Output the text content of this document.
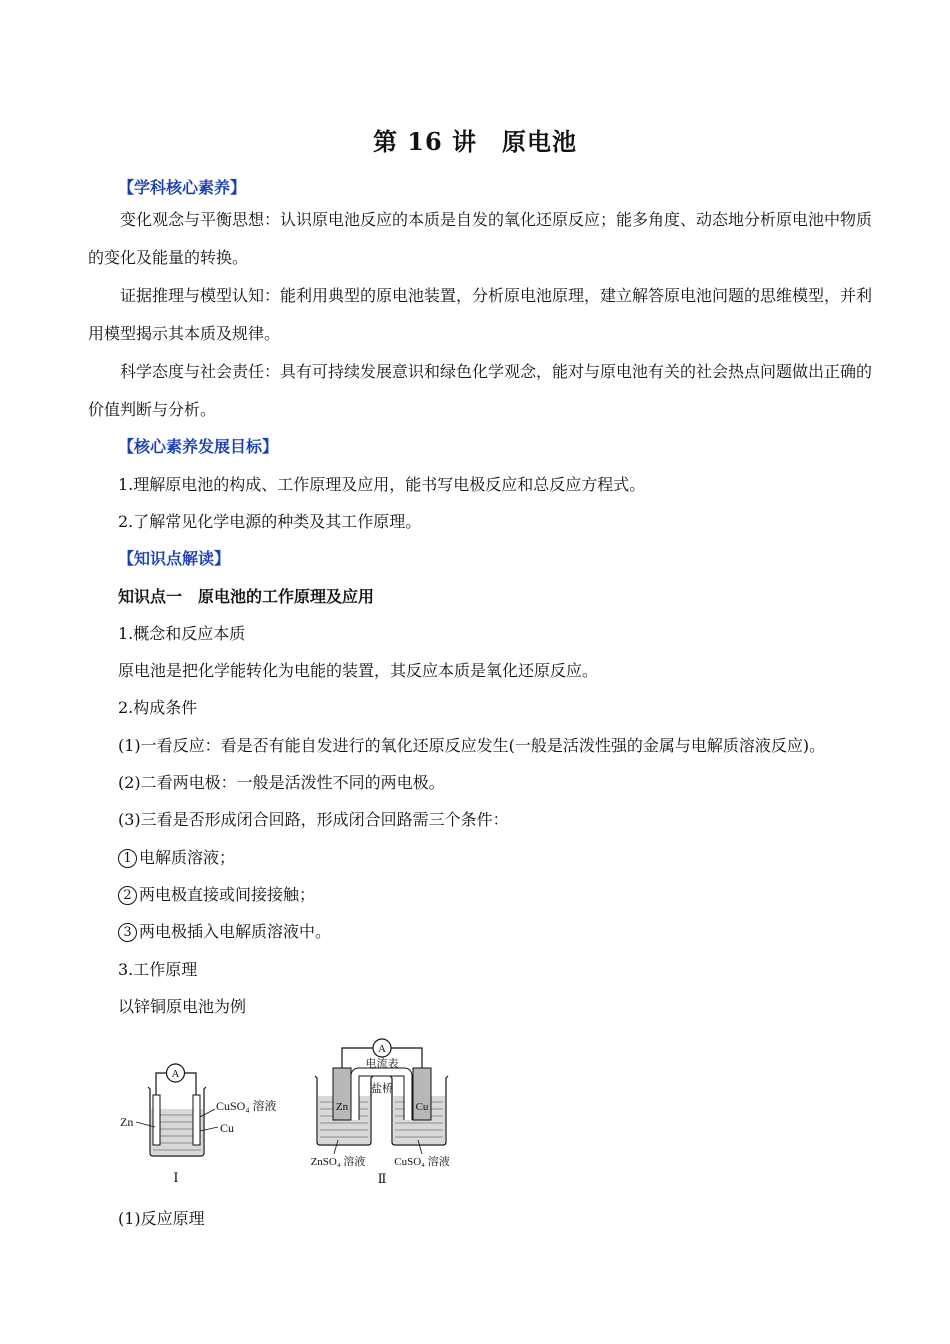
第 16 讲　原电池
【学科核心素养】

变化观念与平衡思想：认识原电池反应的本质是自发的氧化还原反应；能多角度、动态地分析原电池中物质的变化及能量的转换。

证据推理与模型认知：能利用典型的原电池装置，分析原电池原理，建立解答原电池问题的思维模型，并利用模型揭示其本质及规律。

科学态度与社会责任：具有可持续发展意识和绿色化学观念，能对与原电池有关的社会热点问题做出正确的价值判断与分析。

【核心素养发展目标】
1.理解原电池的构成、工作原理及应用，能书写电极反应和总反应方程式。
2.了解常见化学电源的种类及其工作原理。
【知识点解读】
知识点一　原电池的工作原理及应用
1.概念和反应本质
原电池是把化学能转化为电能的装置，其反应本质是氧化还原反应。
2.构成条件
(1)一看反应：看是否有能自发进行的氧化还原反应发生(一般是活泼性强的金属与电解质溶液反应)。
(2)二看两电极：一般是活泼性不同的两电极。
(3)三看是否形成闭合回路，形成闭合回路需三个条件：
1 电解质溶液；
2 两电极直接或间接接触；
3 两电极插入电解质溶液中。
3.工作原理
以锌铜原电池为例
A
Zn
CuSO₄ 溶液
Cu
Ⅰ
A
电流表
盐桥
Zn	Cu
ZnSO₄ 溶液	CuSO₄ 溶液
Ⅱ
(1)反应原理
